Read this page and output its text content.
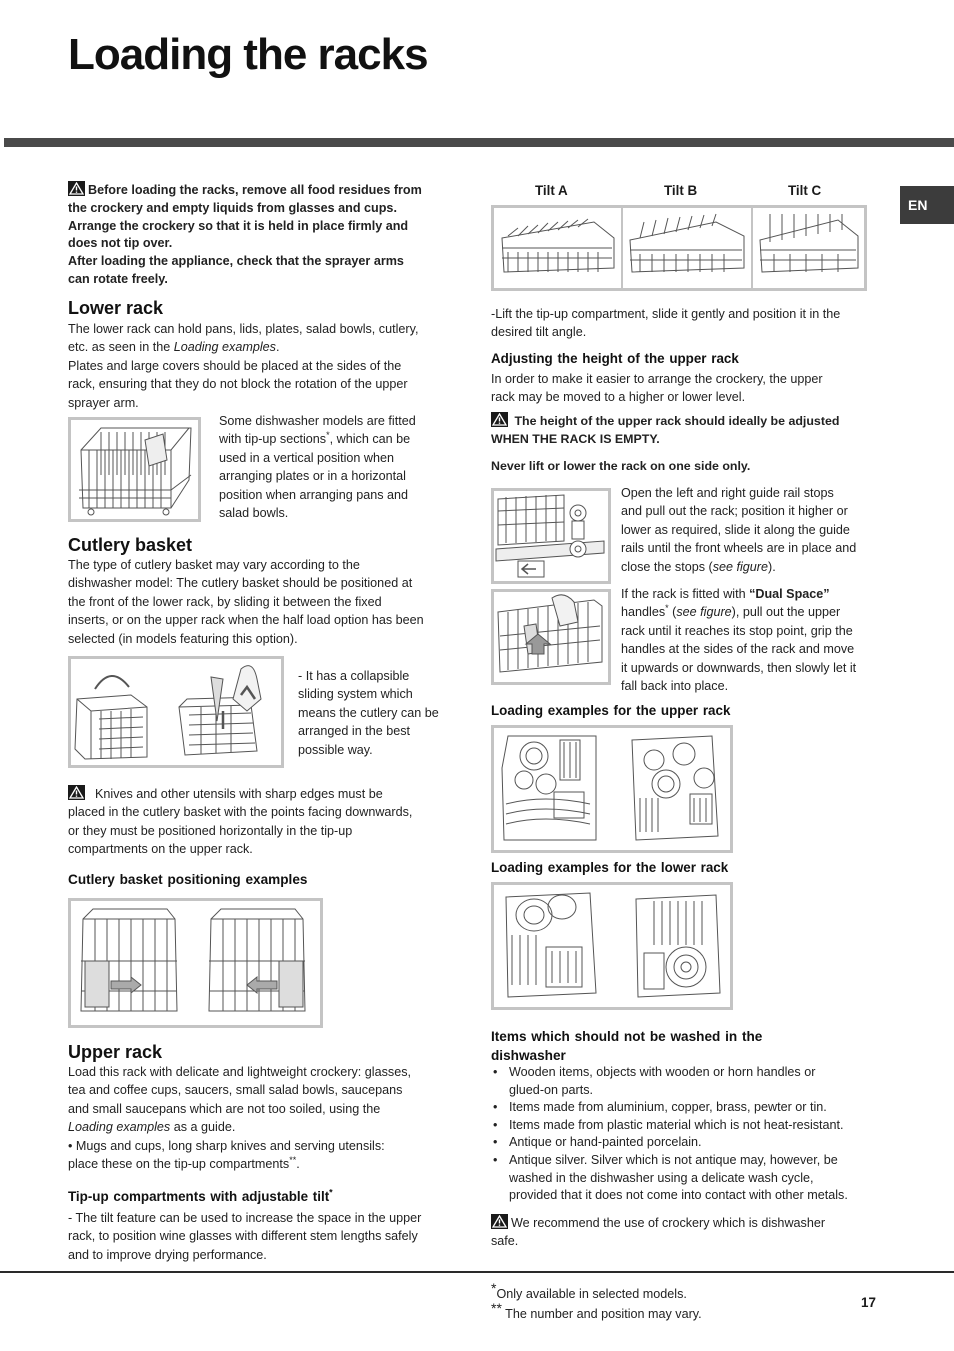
Loading the racks
EN
Before loading the racks, remove all food residues from
the crockery and empty liquids from glasses and cups.
Arrange the crockery so that it is held in place firmly and
does not tip over.
After loading the appliance, check that the sprayer arms
can rotate freely.
Lower rack
The lower rack can hold pans, lids, plates, salad bowls, cutlery,
etc. as seen in the Loading examples.
Plates and large covers should be placed at the sides of the
rack, ensuring that they do not block the rotation of the upper
sprayer arm.
Some dishwasher models are fitted
with tip-up sections*, which can be
used in a vertical position when
arranging plates or in a horizontal
position when arranging pans and
salad bowls.
Cutlery basket
The type of cutlery basket may vary according to the
dishwasher model: The cutlery basket should be positioned at
the front of the lower rack, by sliding it between the fixed
inserts, or on the upper rack when the half load option has been
selected (in models featuring this option).
- It has a collapsible
sliding system which
means the cutlery can be
arranged in the best
possible way.
Knives and other utensils with sharp edges must be
placed in the cutlery basket with the points facing downwards,
or they must be positioned horizontally in the tip-up
compartments on the upper rack.
Cutlery basket positioning examples
Upper rack
Load this rack with delicate and lightweight crockery: glasses,
tea and coffee cups, saucers, small salad bowls, saucepans
and small saucepans which are not too soiled, using the
Loading examples as a guide.
• Mugs and cups, long sharp knives and serving utensils:
place these on the tip-up compartments**.
Tip-up compartments with adjustable tilt*
- The tilt feature can be used to increase the space in the upper
rack, to position wine glasses with different stem lengths safely
and to improve drying performance.
Tilt A	Tilt B	Tilt C
-Lift the tip-up compartment, slide it gently and position it in the
desired tilt angle.
Adjusting the height of the upper rack
In order to make it easier to arrange the crockery, the upper
rack may be moved to a higher or lower level.
The height of the upper rack should ideally be adjusted
WHEN THE RACK IS EMPTY.
Never lift or lower the rack on one side only.
Open the left and right guide rail stops
and pull out the rack; position it higher or
lower as required, slide it along the guide
rails until the front wheels are in place and
close the stops (see figure).
If the rack is fitted with “Dual Space”
handles* (see figure), pull out the upper
rack until it reaches its stop point, grip the
handles at the sides of the rack and move
it upwards or downwards, then slowly let it
fall back into place.
Loading examples for the upper rack
Loading examples for the lower rack
Items which should not be washed in the
dishwasher
• Wooden items, objects with wooden or horn handles or
glued-on parts.
• Items made from aluminium, copper, brass, pewter or tin.
• Items made from plastic material which is not heat-resistant.
• Antique or hand-painted porcelain.
• Antique silver. Silver which is not antique may, however, be
washed in the dishwasher using a delicate wash cycle,
provided that it does not come into contact with other metals.
We recommend the use of crockery which is dishwasher
safe.
*Only available in selected models.
** The number and position may vary.
17
